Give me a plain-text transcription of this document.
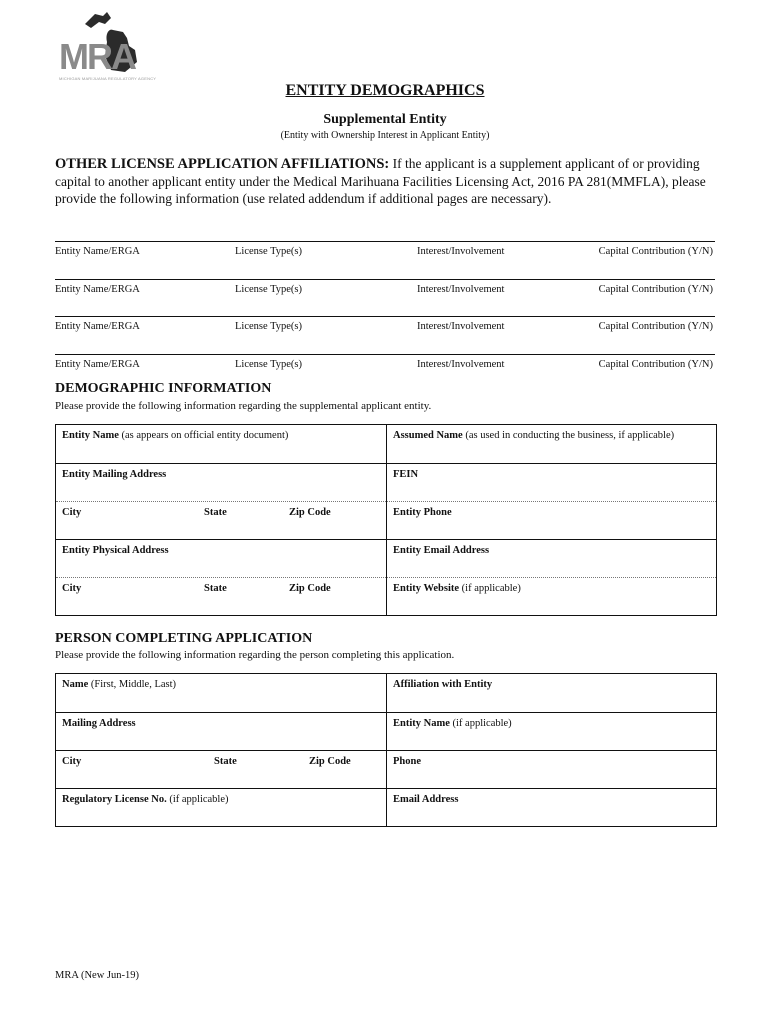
MRA
MICHIGAN MARIJUANA REGULATORY AGENCY
ENTITY DEMOGRAPHICS
Supplemental Entity
(Entity with Ownership Interest in Applicant Entity)
OTHER LICENSE APPLICATION AFFILIATIONS: If the applicant is a supplement applicant of or providing capital to another applicant entity under the Medical Marihuana Facilities Licensing Act, 2016 PA 281(MMFLA), please provide the following information (use related addendum if additional pages are necessary).
Entity Name/ERGA	License Type(s)	Interest/Involvement	Capital Contribution (Y/N)
Entity Name/ERGA	License Type(s)	Interest/Involvement	Capital Contribution (Y/N)
Entity Name/ERGA	License Type(s)	Interest/Involvement	Capital Contribution (Y/N)
Entity Name/ERGA	License Type(s)	Interest/Involvement	Capital Contribution (Y/N)
DEMOGRAPHIC INFORMATION
Please provide the following information regarding the supplemental applicant entity.
Entity Name (as appears on official entity document)	Assumed Name (as used in conducting the business, if applicable)
Entity Mailing Address	FEIN
City	State	Zip Code	Entity Phone
Entity Physical Address	Entity Email Address
City	State	Zip Code	Entity Website (if applicable)
PERSON COMPLETING APPLICATION
Please provide the following information regarding the person completing this application.
Name (First, Middle, Last)	Affiliation with Entity
Mailing Address	Entity Name (if applicable)
City	State	Zip Code	Phone
Regulatory License No. (if applicable)	Email Address
MRA (New Jun-19)
